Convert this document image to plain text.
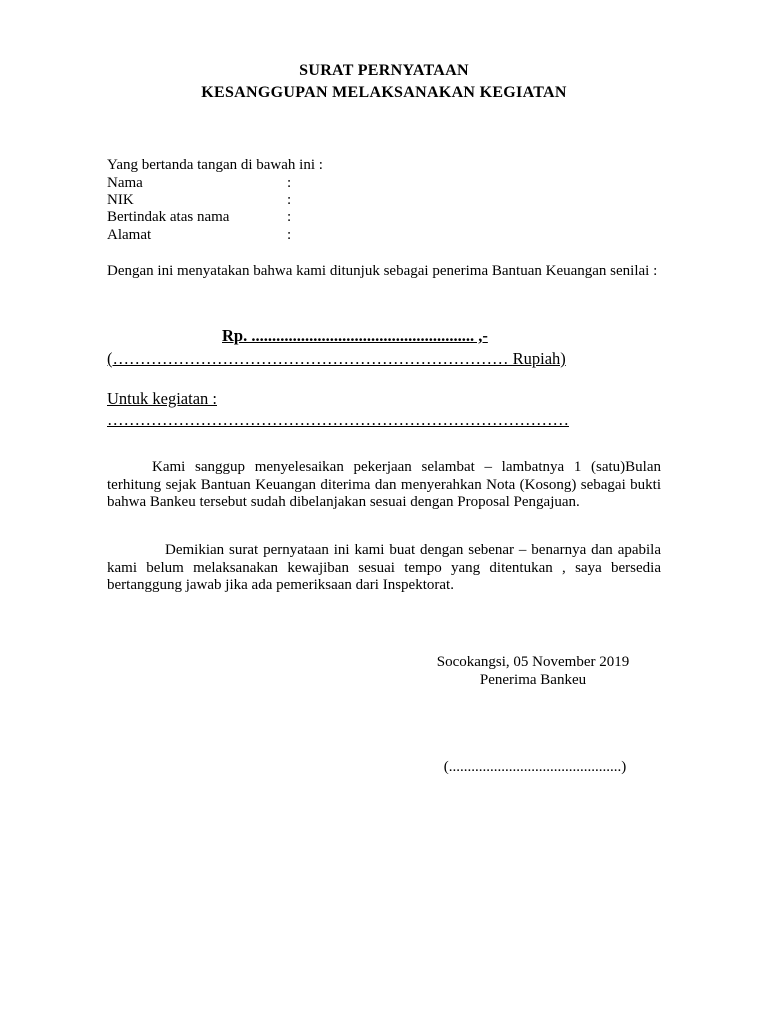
SURAT PERNYATAAN
KESANGGUPAN MELAKSANAKAN KEGIATAN
Yang bertanda tangan di bawah ini :
Nama	:
NIK	:
Bertindak atas nama	:
Alamat	:
Dengan ini menyatakan bahwa kami ditunjuk sebagai penerima Bantuan Keuangan senilai :
Rp. ...................................................... ,-
(……………………………………………………………… Rupiah)
Untuk kegiatan :
…………………………………………………………………………
Kami sanggup menyelesaikan pekerjaan selambat – lambatnya 1 (satu)Bulan terhitung sejak Bantuan Keuangan diterima dan menyerahkan Nota (Kosong) sebagai bukti bahwa Bankeu tersebut sudah dibelanjakan sesuai dengan Proposal Pengajuan.
Demikian surat pernyataan ini kami buat dengan sebenar – benarnya dan apabila kami belum melaksanakan kewajiban sesuai tempo yang ditentukan , saya bersedia bertanggung jawab jika ada pemeriksaan dari Inspektorat.
Socokangsi, 05 November 2019
Penerima Bankeu
(..............................................)
